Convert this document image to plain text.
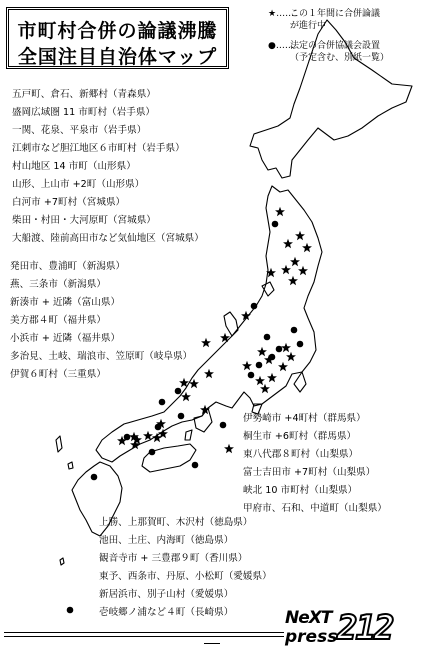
市町村合併の論議沸騰
全国注目自治体マップ
★……この１年間に合併論議
が進行中
●……法定の合併協議会設置
（予定含む、別紙一覧）
五戸町、倉石、新郷村（青森県）
盛岡広域圏 11 市町村（岩手県）
一関、花泉、平泉市（岩手県）
江刺市など胆江地区６市町村（岩手県）
村山地区 14 市町（山形県）
山形、上山市 +2町（山形県）
白河市 +7町村（宮城県）
柴田・村田・大河原町（宮城県）
大船渡、陸前高田市など気仙地区（宮城県）
発田市、豊浦町（新潟県）
燕、三条市（新潟県）
新湊市 + 近隣（富山県）
美方郡４町（福井県）
小浜市 + 近隣（福井県）
多治見、土岐、瑞浪市、笠原町（岐阜県）
伊賀６町村（三重県）
伊勢崎市 +4町村（群馬県）
桐生市 +6町村（群馬県）
東八代郡８町村（山梨県）
富士吉田市 +7町村（山梨県）
峡北 10 市町村（山梨県）
甲府市、石和、中道町（山梨県）
上勝、上那賀町、木沢村（徳島県）
池田、土庄、内海町（徳島県）
観音寺市 + 三豊郡９町（香川県）
東予、西条市、丹原、小松町（愛媛県）
新居浜市、別子山村（愛媛県）
壱岐郷ノ浦など４町（長崎県）	NeXT
press 212
